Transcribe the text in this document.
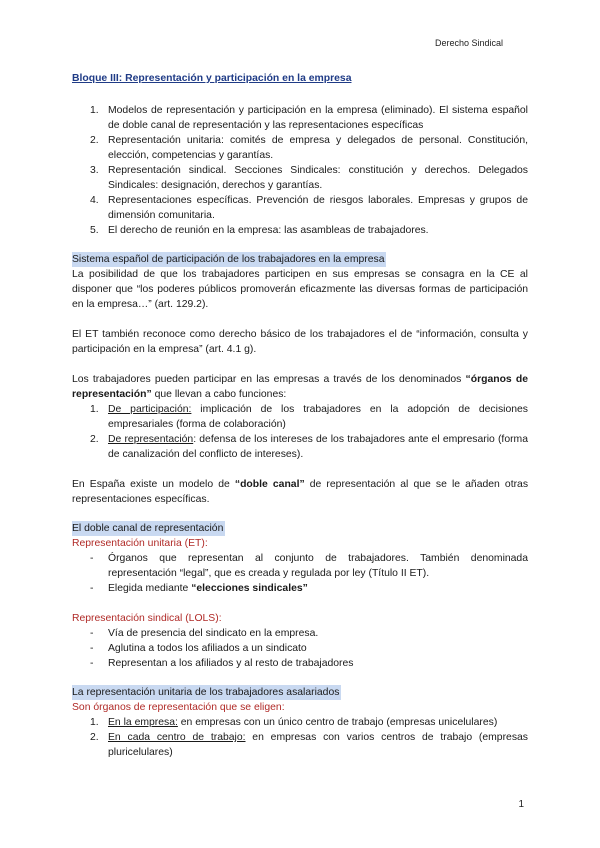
Derecho Sindical
Bloque III: Representación y participación en la empresa
1. Modelos de representación y participación en la empresa (eliminado). El sistema español de doble canal de representación y las representaciones específicas
2. Representación unitaria: comités de empresa y delegados de personal. Constitución, elección, competencias y garantías.
3. Representación sindical. Secciones Sindicales: constitución y derechos. Delegados Sindicales: designación, derechos y garantías.
4. Representaciones específicas. Prevención de riesgos laborales. Empresas y grupos de dimensión comunitaria.
5. El derecho de reunión en la empresa: las asambleas de trabajadores.
Sistema español de participación de los trabajadores en la empresa

La posibilidad de que los trabajadores participen en sus empresas se consagra en la CE al disponer que “los poderes públicos promoverán eficazmente las diversas formas de participación en la empresa…” (art. 129.2).

El ET también reconoce como derecho básico de los trabajadores el de “información, consulta y participación en la empresa” (art. 4.1 g).

Los trabajadores pueden participar en las empresas a través de los denominados “órganos de representación” que llevan a cabo funciones:

1. De participación: implicación de los trabajadores en la adopción de decisiones empresariales (forma de colaboración)
2. De representación: defensa de los intereses de los trabajadores ante el empresario (forma de canalización del conflicto de intereses).

En España existe un modelo de “doble canal” de representación al que se le añaden otras representaciones específicas.

El doble canal de representación
Representación unitaria (ET):
- Órganos que representan al conjunto de trabajadores. También denominada representación “legal”, que es creada y regulada por ley (Título II ET).
- Elegida mediante “elecciones sindicales”
Representación sindical (LOLS):
- Vía de presencia del sindicato en la empresa.
- Aglutina a todos los afiliados a un sindicato
- Representan a los afiliados y al resto de trabajadores
La representación unitaria de los trabajadores asalariados
Son órganos de representación que se eligen:
1. En la empresa: en empresas con un único centro de trabajo (empresas unicelulares)
2. En cada centro de trabajo: en empresas con varios centros de trabajo (empresas pluricelulares)
1
